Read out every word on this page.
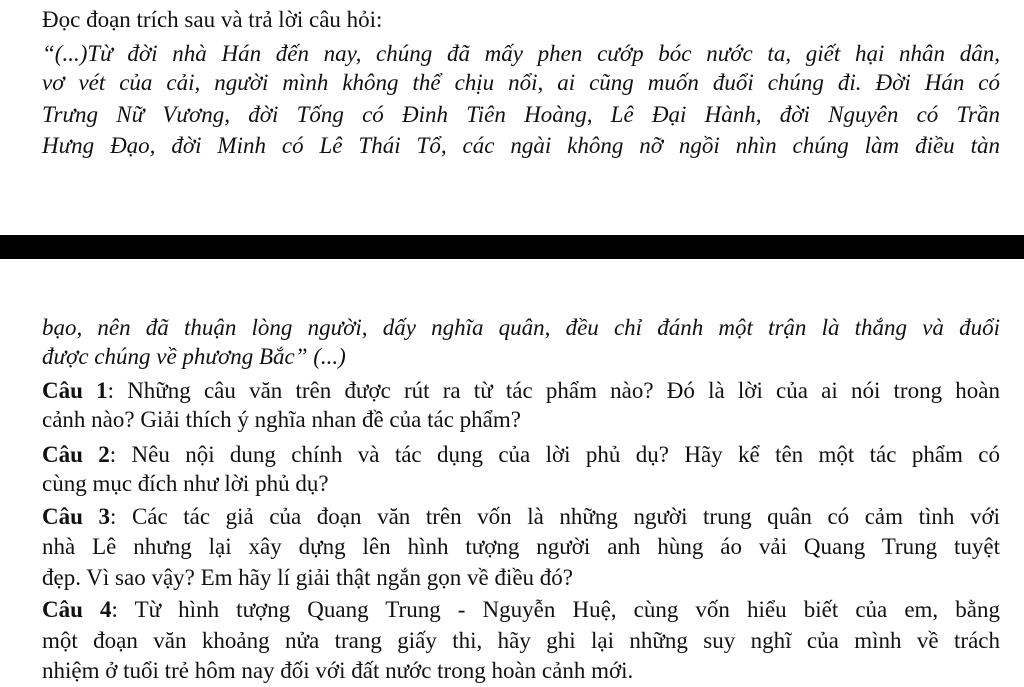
Đọc đoạn trích sau và trả lời câu hỏi:
“(...)Từ đời nhà Hán đến nay, chúng đã mấy phen cướp bóc nước ta, giết hại nhân dân,
vơ vét của cải, người mình không thể chịu nổi, ai cũng muốn đuổi chúng đi. Đời Hán có
Trưng Nữ Vương, đời Tống có Đinh Tiên Hoàng, Lê Đại Hành, đời Nguyên có Trần
Hưng Đạo, đời Minh có Lê Thái Tổ, các ngài không nỡ ngồi nhìn chúng làm điều tàn
bạo, nên đã thuận lòng người, dấy nghĩa quân, đều chỉ đánh một trận là thắng và đuổi
được chúng về phương Bắc” (...)
Câu 1: Những câu văn trên được rút ra từ tác phẩm nào? Đó là lời của ai nói trong hoàn
cảnh nào? Giải thích ý nghĩa nhan đề của tác phẩm?
Câu 2: Nêu nội dung chính và tác dụng của lời phủ dụ? Hãy kể tên một tác phẩm có
cùng mục đích như lời phủ dụ?
Câu 3: Các tác giả của đoạn văn trên vốn là những người trung quân có cảm tình với
nhà Lê nhưng lại xây dựng lên hình tượng người anh hùng áo vải Quang Trung tuyệt
đẹp. Vì sao vậy? Em hãy lí giải thật ngắn gọn về điều đó?
Câu 4: Từ hình tượng Quang Trung - Nguyễn Huệ, cùng vốn hiểu biết của em, bằng
một đoạn văn khoảng nửa trang giấy thi, hãy ghi lại những suy nghĩ của mình về trách
nhiệm ở tuổi trẻ hôm nay đối với đất nước trong hoàn cảnh mới.
